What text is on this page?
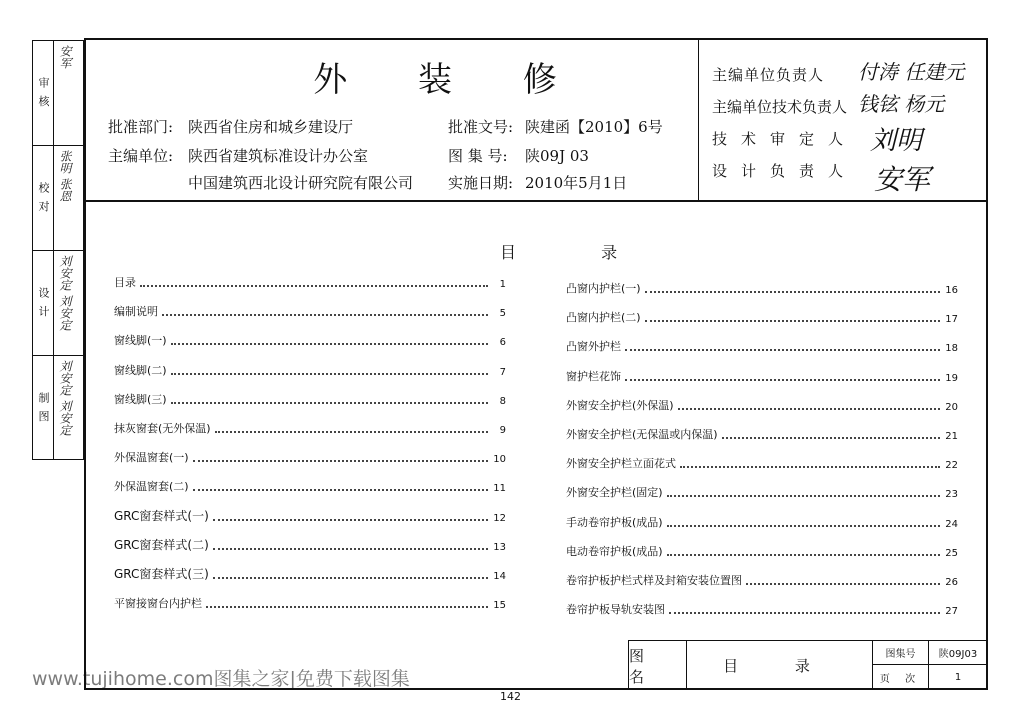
审 核
安军
校 对 张明 张恩
设 计 刘安定 刘安定
制 图 刘安定 刘安定
外 装 修
批准部门: 陕西省住房和城乡建设厅
主编单位: 陕西省建筑标准设计办公室
中国建筑西北设计研究院有限公司
批准文号: 陕建函【2010】6号
图 集 号: 陕09J 03
实施日期: 2010年5月1日
主编单位负责人 付涛 任建元
主编单位技术负责人 钱铉 杨元
技术审定人 刘明
设计负责人 安军
目 录
目录	1
编制说明	5
窗线脚(一)	6
窗线脚(二)	7
窗线脚(三)	8
抹灰窗套(无外保温)	9
外保温窗套(一)	10
外保温窗套(二)	11
GRC窗套样式(一)	12
GRC窗套样式(二)	13
GRC窗套样式(三)	14
平窗接窗台内护栏	15
凸窗内护栏(一)	16
凸窗内护栏(二)	17
凸窗外护栏	18
窗护栏花饰	19
外窗安全护栏(外保温)	20
外窗安全护栏(无保温或内保温)	21
外窗安全护栏立面花式	22
外窗安全护栏(固定)	23
手动卷帘护板(成品)	24
电动卷帘护板(成品)	25
卷帘护板护栏式样及封箱安装位置图	26
卷帘护板导轨安装图	27
图 名
目 录
图集号	陕09J03
页 次	1
www.tujihome.com图集之家|免费下载图集
142
